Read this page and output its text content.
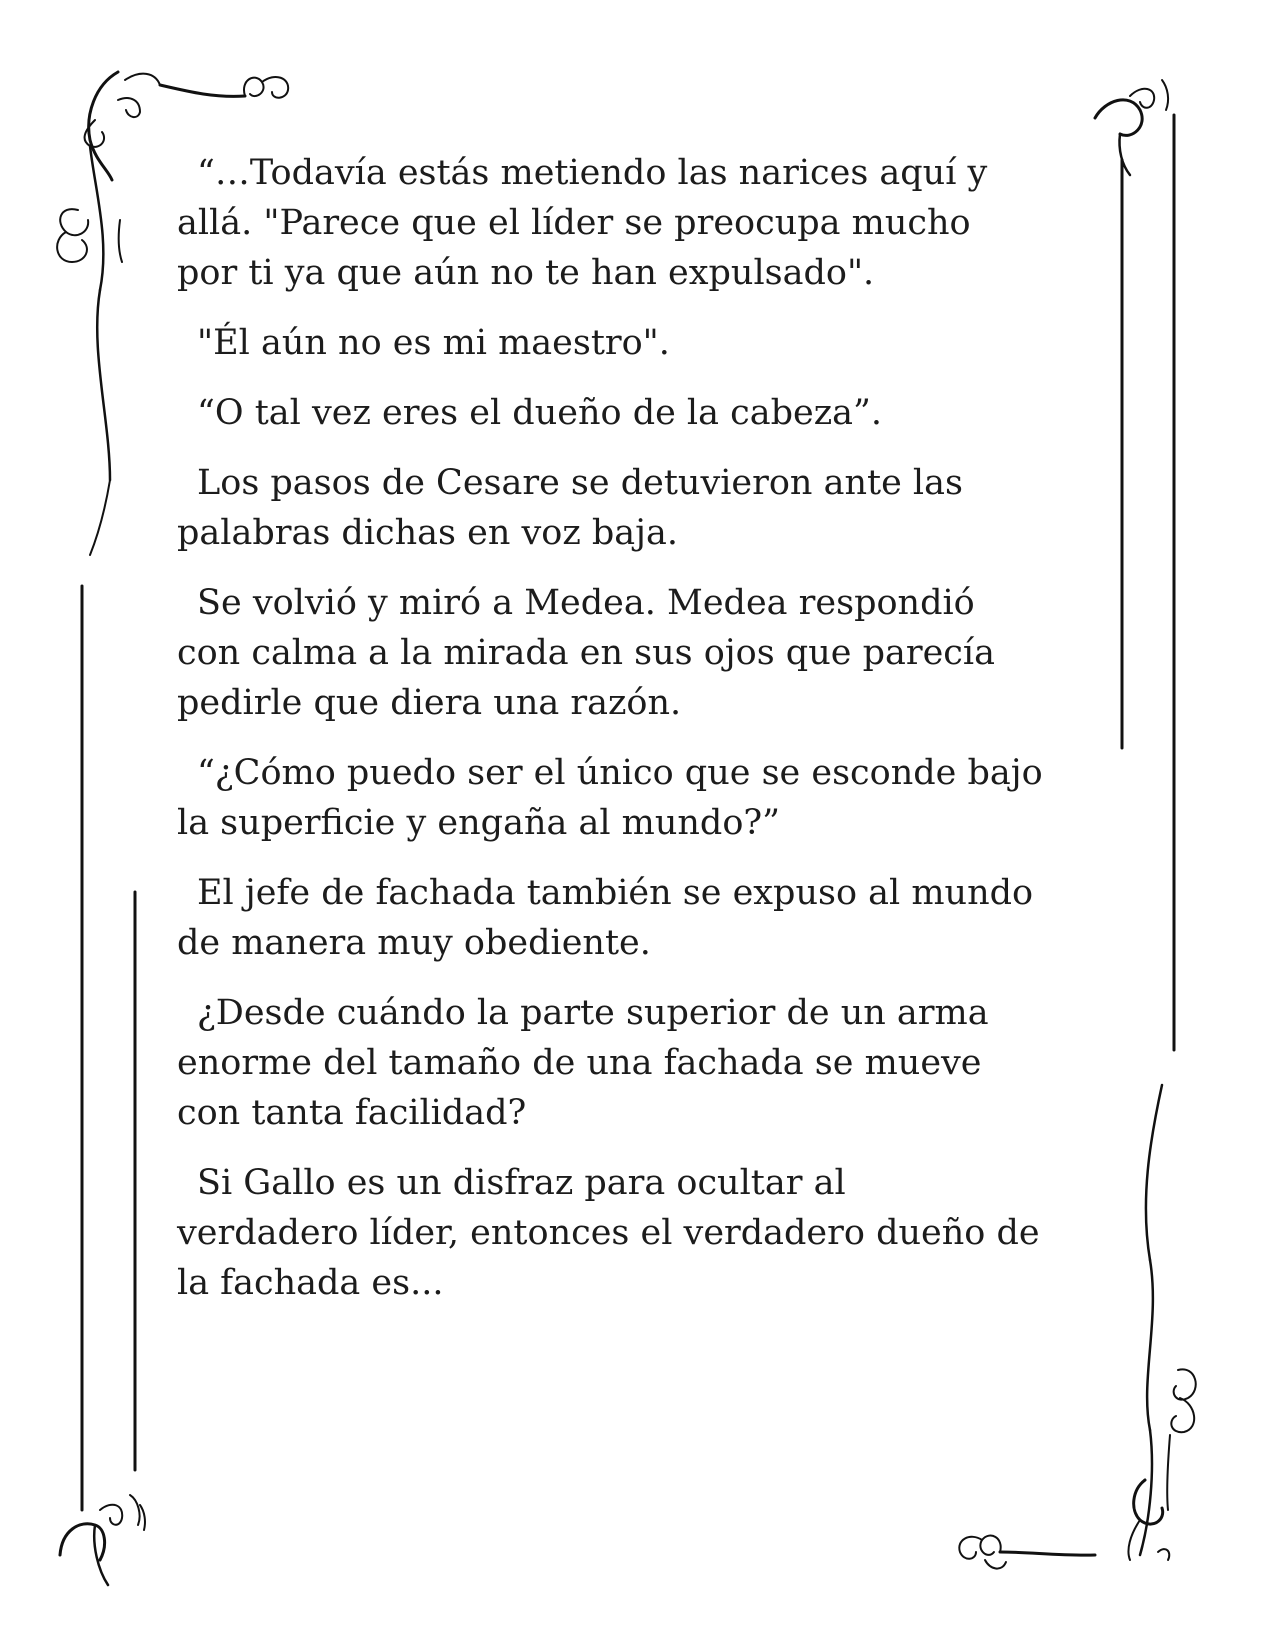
“…Todavía estás metiendo las narices aquí y
allá. "Parece que el líder se preocupa mucho
por ti ya que aún no te han expulsado".

"Él aún no es mi maestro".

“O tal vez eres el dueño de la cabeza”.

Los pasos de Cesare se detuvieron ante las
palabras dichas en voz baja.

Se volvió y miró a Medea. Medea respondió
con calma a la mirada en sus ojos que parecía
pedirle que diera una razón.

“¿Cómo puedo ser el único que se esconde bajo
la superficie y engaña al mundo?”

El jefe de fachada también se expuso al mundo
de manera muy obediente.

¿Desde cuándo la parte superior de un arma
enorme del tamaño de una fachada se mueve
con tanta facilidad?

Si Gallo es un disfraz para ocultar al
verdadero líder, entonces el verdadero dueño de
la fachada es...
